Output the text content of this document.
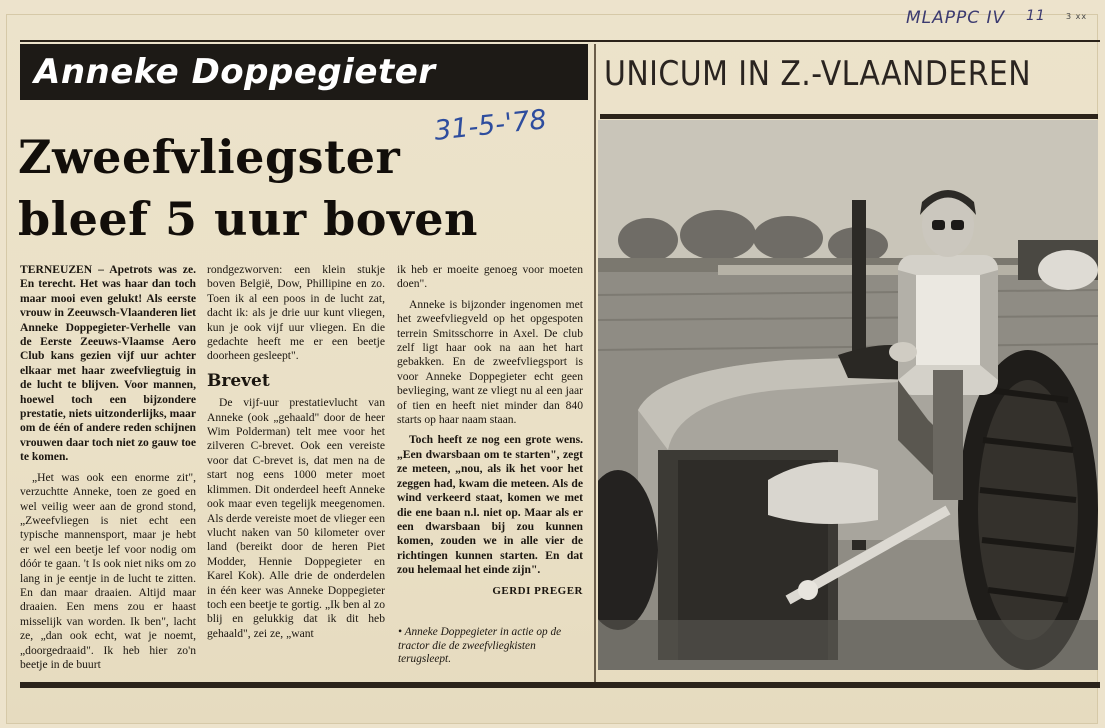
MLAPPC IV 11	3 xx
Anneke Doppegieter
31-5-'78
Zweefvliegster
bleef 5 uur boven

TERNEUZEN – Apetrots was ze. En terecht. Het was haar dan toch maar mooi even gelukt! Als eerste vrouw in Zeeuwsch-Vlaanderen liet Anneke Doppegieter-Verhelle van de Eerste Zeeuws-Vlaamse Aero Club kans gezien vijf uur achter elkaar met haar zweefvliegtuig in de lucht te blijven. Voor mannen, hoewel toch een bijzondere prestatie, niets uitzonderlijks, maar om de één of andere reden schijnen vrouwen daar toch niet zo gauw toe te komen.

„Het was ook een enorme zit", verzuchtte Anneke, toen ze goed en wel veilig weer aan de grond stond, „Zweefvliegen is niet echt een typische mannensport, maar je hebt er wel een beetje lef voor nodig om dóór te gaan. 't Is ook niet niks om zo lang in je eentje in de lucht te zitten. En dan maar draaien. Altijd maar draaien. Een mens zou er haast misselijk van worden. Ik ben", lacht ze, „dan ook echt, wat je noemt, „doorgedraaid". Ik heb hier zo'n beetje in de buurt

rondgezworven: een klein stukje boven België, Dow, Phillipine en zo. Toen ik al een poos in de lucht zat, dacht ik: als je drie uur kunt vliegen, kun je ook vijf uur vliegen. En die gedachte heeft me er een beetje doorheen gesleept".

Brevet

De vijf-uur prestatievlucht van Anneke (ook „gehaald" door de heer Wim Polderman) telt mee voor het zilveren C-brevet. Ook een vereiste voor dat C-brevet is, dat men na de start nog eens 1000 meter moet klimmen. Dit onderdeel heeft Anneke ook maar even tegelijk meegenomen. Als derde vereiste moet de vlieger een vlucht naken van 50 kilometer over land (bereikt door de heren Piet Modder, Hennie Doppegieter en Karel Kok). Alle drie de onderdelen in één keer was Anneke Doppegieter toch een beetje te gortig. „Ik ben al zo blij en gelukkig dat ik dit heb gehaald", zei ze, „want

ik heb er moeite genoeg voor moeten doen".

Anneke is bijzonder ingenomen met het zweefvliegveld op het opgespoten terrein Smitsschorre in Axel. De club zelf ligt haar ook na aan het hart gebakken. En de zweefvliegsport is voor Anneke Doppegieter echt geen bevlieging, want ze vliegt nu al een jaar of tien en heeft niet minder dan 840 starts op haar naam staan.

Toch heeft ze nog een grote wens. „Een dwarsbaan om te starten", zegt ze meteen, „nou, als ik het voor het zeggen had, kwam die meteen. Als de wind verkeerd staat, komen we met die ene baan n.l. niet op. Maar als er een dwarsbaan bij zou kunnen komen, zouden we in alle vier de richtingen kunnen starten. En dat zou helemaal het einde zijn".

GERDI PREGER
• Anneke Doppegieter in actie op de tractor die de zweefvliegkisten terugsleept.
UNICUM IN Z.-VLAANDEREN
